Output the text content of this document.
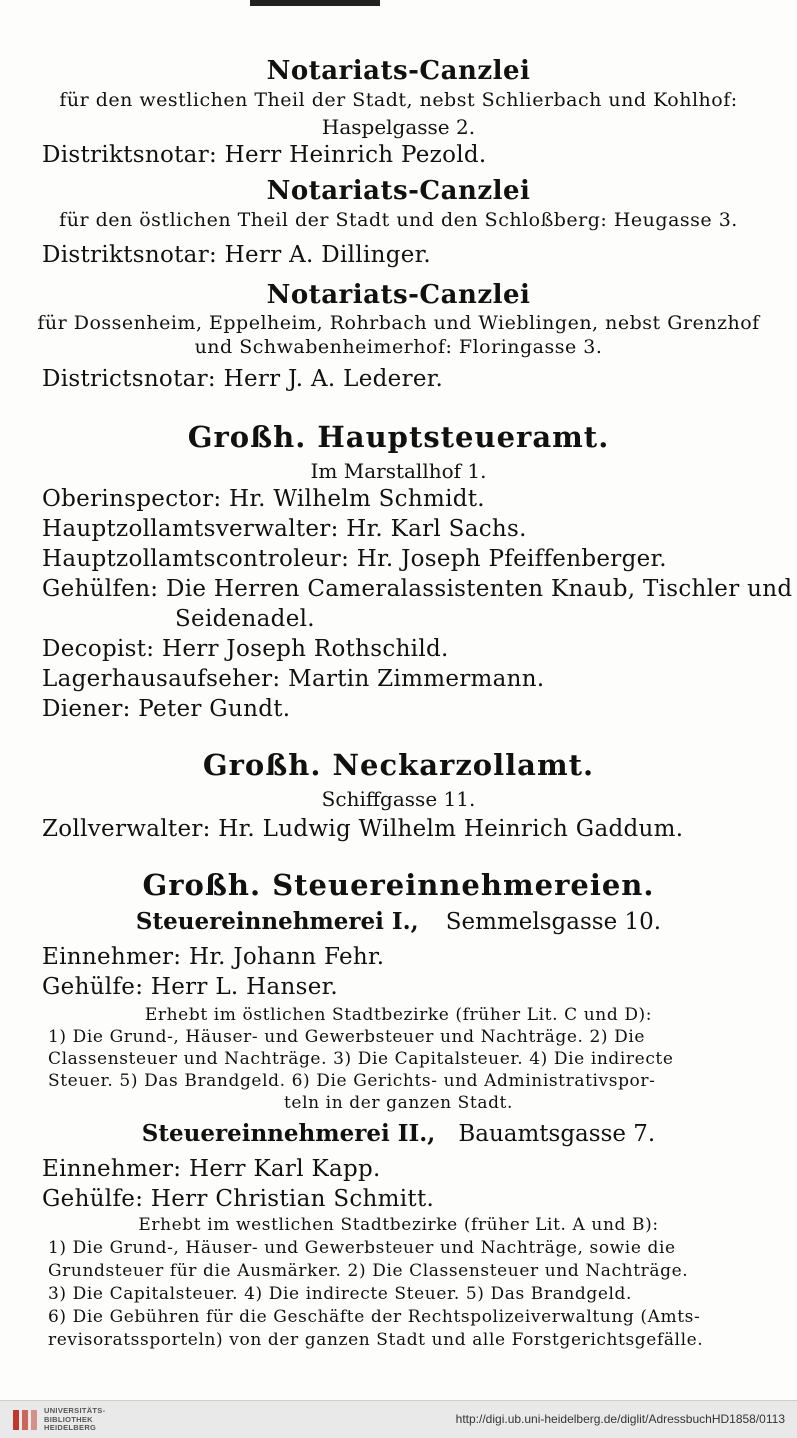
Notariats-Canzlei
für den westlichen Theil der Stadt, nebst Schlierbach und Kohlhof:
Haspelgasse 2.
Distriktsnotar: Herr Heinrich Pezold.
Notariats-Canzlei
für den östlichen Theil der Stadt und den Schloßberg: Heugasse 3.
Distriktsnotar: Herr A. Dillinger.
Notariats-Canzlei
für Dossenheim, Eppelheim, Rohrbach und Wieblingen, nebst Grenzhof
und Schwabenheimerhof: Floringasse 3.
Districtsnotar: Herr J. A. Lederer.
Großh. Hauptsteueramt.
Im Marstallhof 1.
Oberinspector: Hr. Wilhelm Schmidt.
Hauptzollamtsverwalter: Hr. Karl Sachs.
Hauptzollamtscontroleur: Hr. Joseph Pfeiffenberger.
Gehülfen: Die Herren Cameralassistenten Knaub, Tischler und
Seidenadel.
Decopist: Herr Joseph Rothschild.
Lagerhausaufseher: Martin Zimmermann.
Diener: Peter Gundt.
Großh. Neckarzollamt.
Schiffgasse 11.
Zollverwalter: Hr. Ludwig Wilhelm Heinrich Gaddum.
Großh. Steuereinnehmereien.
Steuereinnehmerei I., Semmelsgasse 10.
Einnehmer: Hr. Johann Fehr.
Gehülfe: Herr L. Hanser.
Erhebt im östlichen Stadtbezirke (früher Lit. C und D):
1) Die Grund-, Häuser- und Gewerbsteuer und Nachträge. 2) Die
Classensteuer und Nachträge. 3) Die Capitalsteuer. 4) Die indirecte
Steuer. 5) Das Brandgeld. 6) Die Gerichts- und Administrativspor-
teln in der ganzen Stadt.
Steuereinnehmerei II., Bauamtsgasse 7.
Einnehmer: Herr Karl Kapp.
Gehülfe: Herr Christian Schmitt.
Erhebt im westlichen Stadtbezirke (früher Lit. A und B):
1) Die Grund-, Häuser- und Gewerbsteuer und Nachträge, sowie die
Grundsteuer für die Ausmärker. 2) Die Classensteuer und Nachträge.
3) Die Capitalsteuer. 4) Die indirecte Steuer. 5) Das Brandgeld.
6) Die Gebühren für die Geschäfte der Rechtspolizeiverwaltung (Amts-
revisoratssporteln) von der ganzen Stadt und alle Forstgerichtsgefälle.
UNIVERSITÄTS-
BIBLIOTHEK
HEIDELBERG
http://digi.ub.uni-heidelberg.de/diglit/AdressbuchHD1858/0113
